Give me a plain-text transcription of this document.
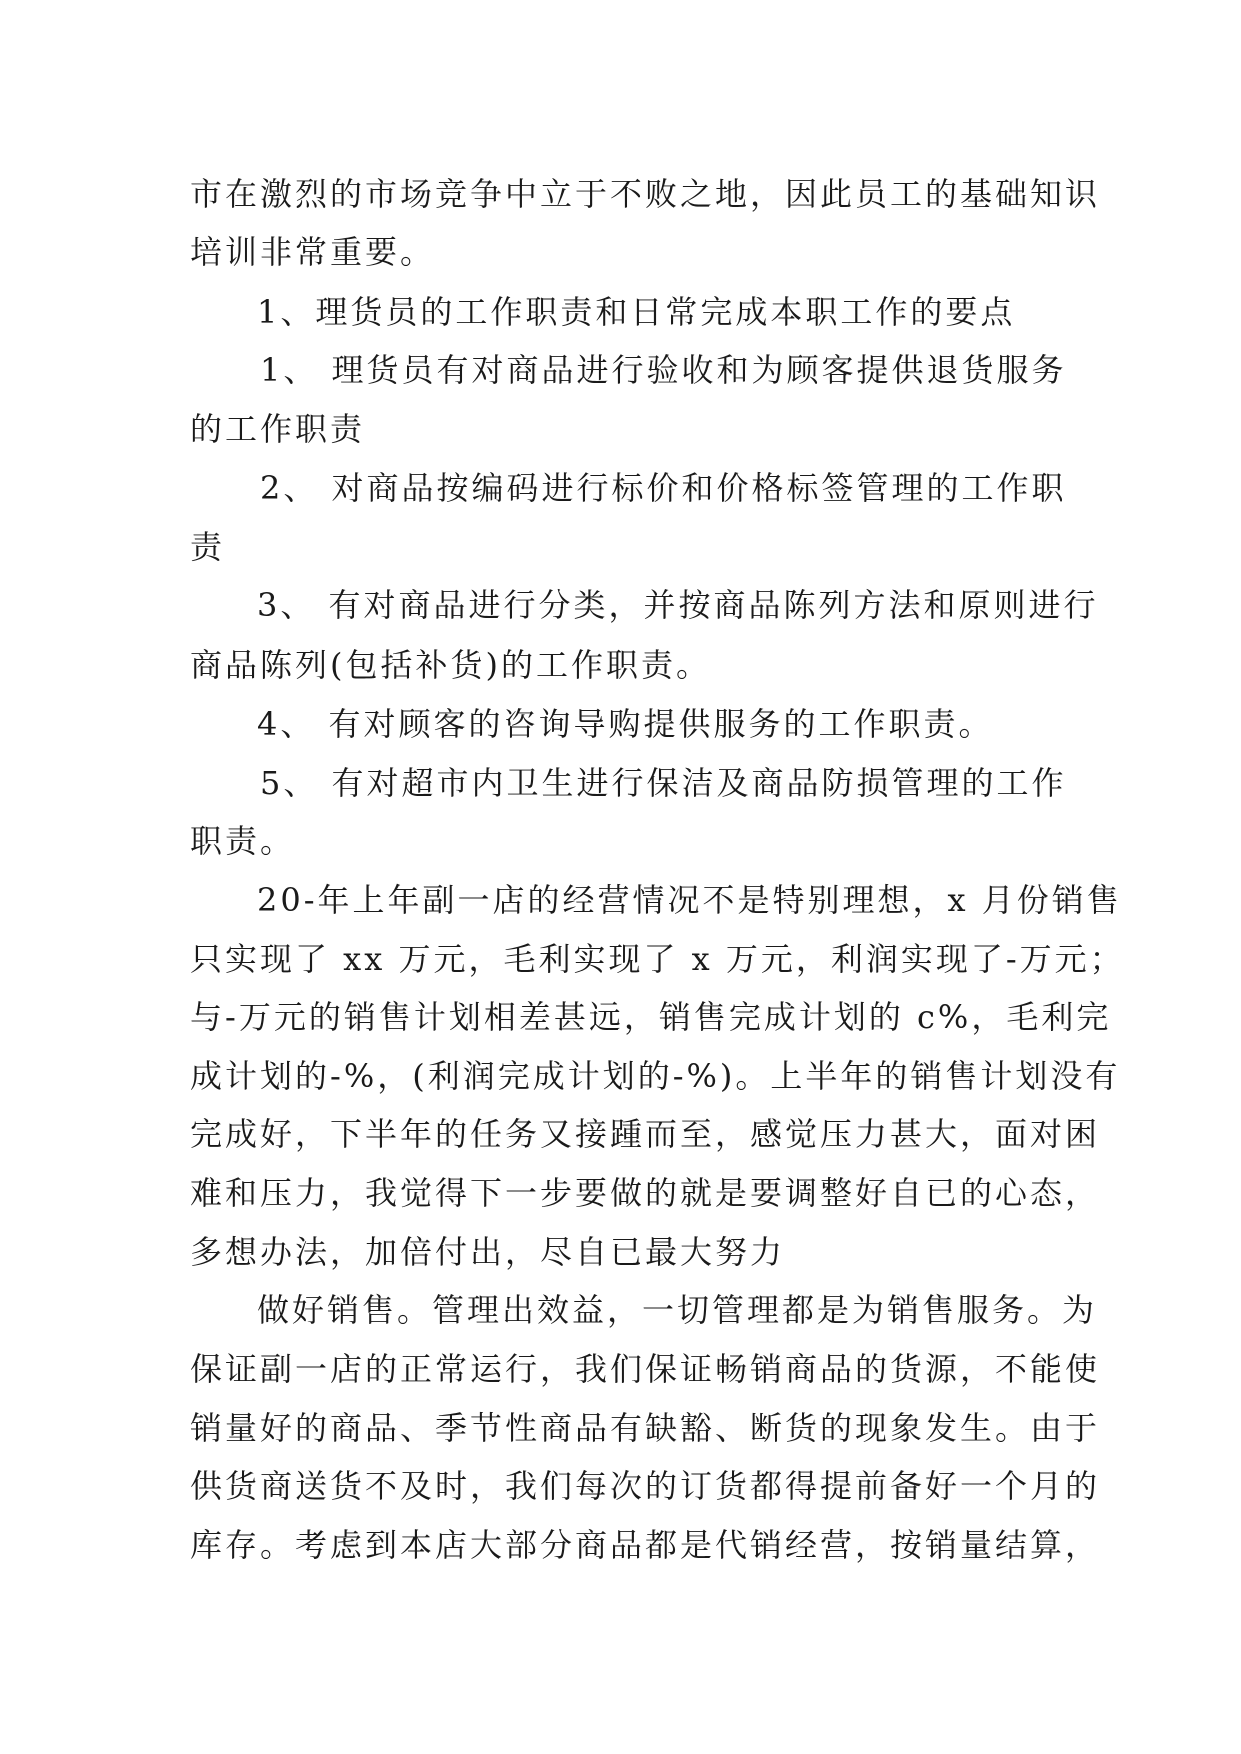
市在激烈的市场竞争中立于不败之地，因此员工的基础知识
培训非常重要。
1、理货员的工作职责和日常完成本职工作的要点
1、 理货员有对商品进行验收和为顾客提供退货服务
的工作职责
2、 对商品按编码进行标价和价格标签管理的工作职
责
3、 有对商品进行分类，并按商品陈列方法和原则进行
商品陈列(包括补货)的工作职责。
4、 有对顾客的咨询导购提供服务的工作职责。
5、 有对超市内卫生进行保洁及商品防损管理的工作
职责。
20-年上年副一店的经营情况不是特别理想，x 月份销售
只实现了 xx 万元，毛利实现了 x 万元，利润实现了-万元；
与-万元的销售计划相差甚远，销售完成计划的 c%，毛利完
成计划的-%，(利润完成计划的-%)。上半年的销售计划没有
完成好，下半年的任务又接踵而至，感觉压力甚大，面对困
难和压力，我觉得下一步要做的就是要调整好自已的心态，
多想办法，加倍付出，尽自已最大努力
做好销售。管理出效益，一切管理都是为销售服务。为
保证副一店的正常运行，我们保证畅销商品的货源，不能使
销量好的商品、季节性商品有缺豁、断货的现象发生。由于
供货商送货不及时，我们每次的订货都得提前备好一个月的
库存。考虑到本店大部分商品都是代销经营，按销量结算，
